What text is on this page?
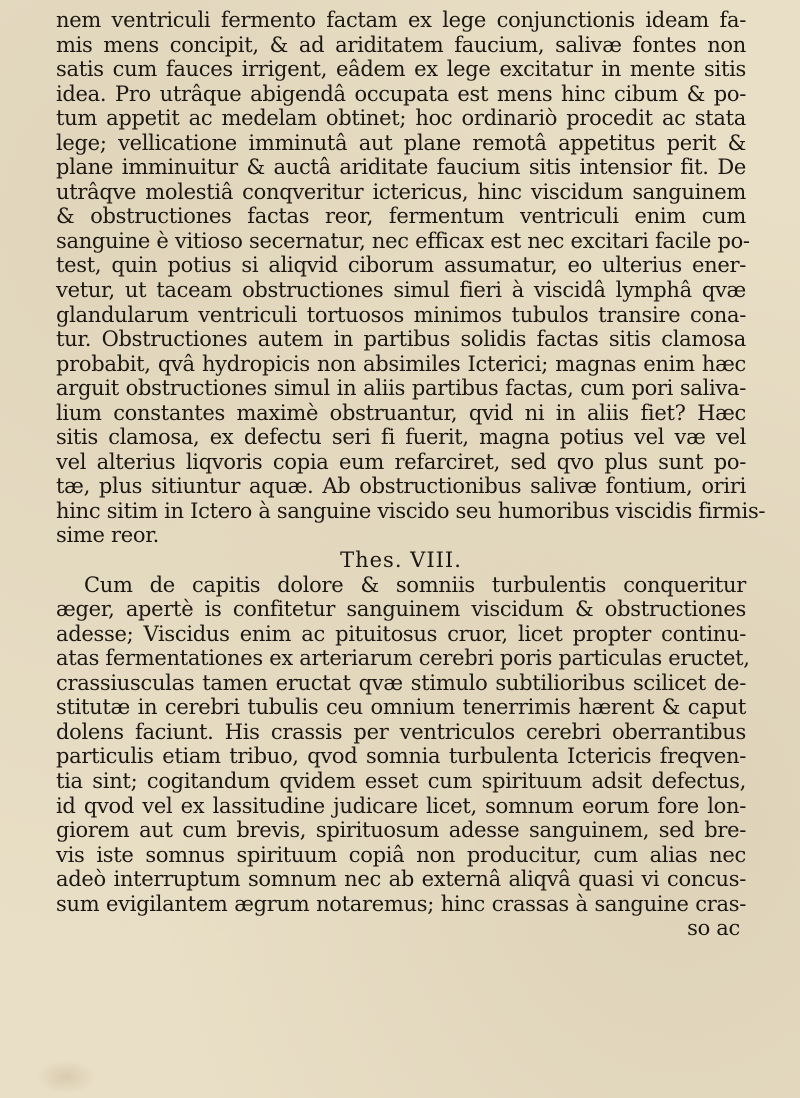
nem ventriculi fermento factam ex lege conjunctionis ideam fa-
mis mens concipit, & ad ariditatem faucium, salivæ fontes non
satis cum fauces irrigent, eâdem ex lege excitatur in mente sitis
idea. Pro utrâque abigendâ occupata est mens hinc cibum & po-
tum appetit ac medelam obtinet; hoc ordinariò procedit ac stata
lege; vellicatione imminutâ aut plane remotâ appetitus perit &
plane imminuitur & auctâ ariditate faucium sitis intensior fit. De
utrâqve molestiâ conqveritur ictericus, hinc viscidum sanguinem
& obstructiones factas reor, fermentum ventriculi enim cum
sanguine è vitioso secernatur, nec efficax est nec excitari facile po-
test, quin potius si aliqvid ciborum assumatur, eo ulterius ener-
vetur, ut taceam obstructiones simul fieri à viscidâ lymphâ qvæ
glandularum ventriculi tortuosos minimos tubulos transire cona-
tur. Obstructiones autem in partibus solidis factas sitis clamosa
probabit, qvâ hydropicis non absimiles Icterici; magnas enim hæc
arguit obstructiones simul in aliis partibus factas, cum pori saliva-
lium constantes maximè obstruantur, qvid ni in aliis fiet? Hæc
sitis clamosa, ex defectu seri fi fuerit, magna potius vel væ vel
vel alterius liqvoris copia eum refarciret, sed qvo plus sunt po-
tæ, plus sitiuntur aquæ. Ab obstructionibus salivæ fontium, oriri
hinc sitim in Ictero à sanguine viscido seu humoribus viscidis firmis-
sime reor.
Thes. VIII.
Cum de capitis dolore & somniis turbulentis conqueritur
æger, apertè is confitetur sanguinem viscidum & obstructiones
adesse; Viscidus enim ac pituitosus cruor, licet propter continu-
atas fermentationes ex arteriarum cerebri poris particulas eructet,
crassiusculas tamen eructat qvæ stimulo subtilioribus scilicet de-
stitutæ in cerebri tubulis ceu omnium tenerrimis hærent & caput
dolens faciunt. His crassis per ventriculos cerebri oberrantibus
particulis etiam tribuo, qvod somnia turbulenta Ictericis freqven-
tia sint; cogitandum qvidem esset cum spirituum adsit defectus,
id qvod vel ex lassitudine judicare licet, somnum eorum fore lon-
giorem aut cum brevis, spirituosum adesse sanguinem, sed bre-
vis iste somnus spirituum copiâ non producitur, cum alias nec
adeò interruptum somnum nec ab externâ aliqvâ quasi vi concus-
sum evigilantem ægrum notaremus; hinc crassas à sanguine cras-
so ac
